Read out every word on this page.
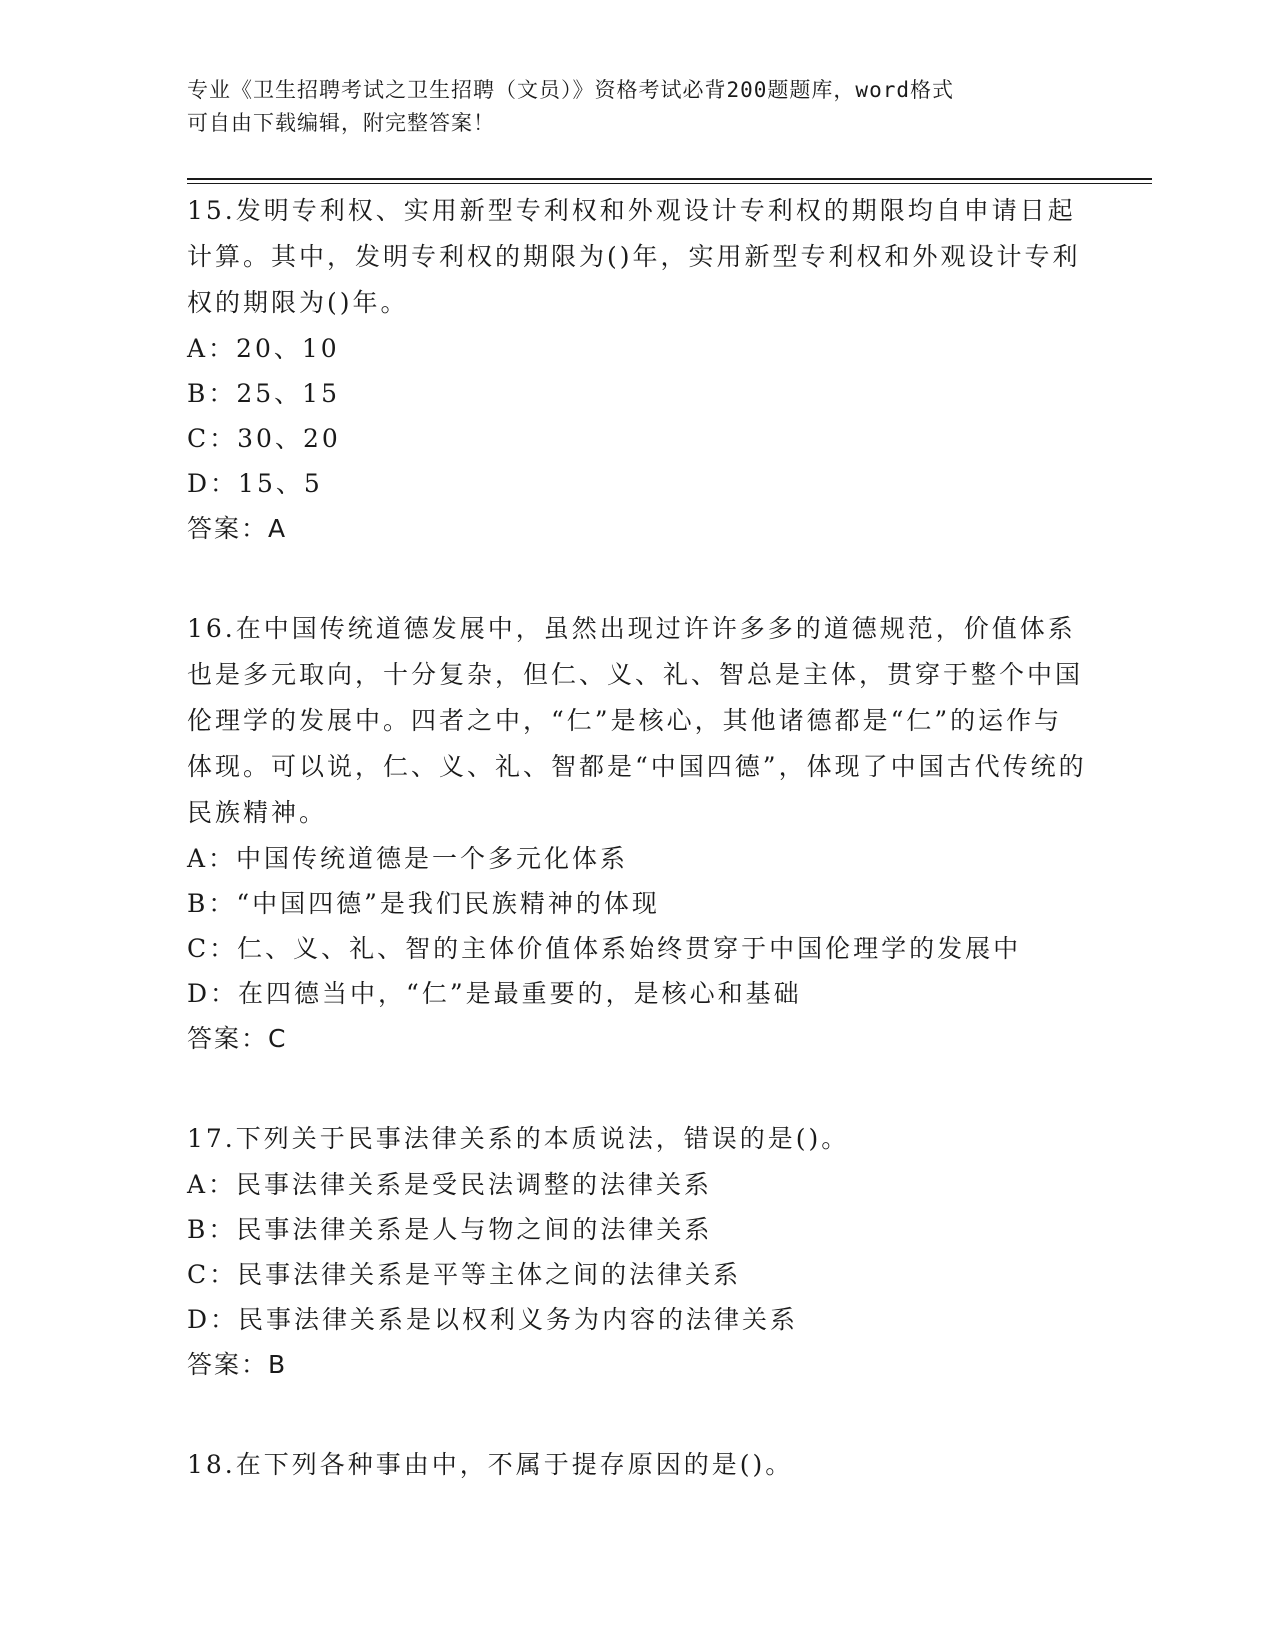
专业《卫生招聘考试之卫生招聘（文员）》资格考试必背200题题库，word格式
可自由下载编辑，附完整答案！

15.发明专利权、实用新型专利权和外观设计专利权的期限均自申请日起计算。其中，发明专利权的期限为()年，实用新型专利权和外观设计专利权的期限为()年。

A：20、10

B：25、15

C：30、20

D：15、5

答案：A

16.在中国传统道德发展中，虽然出现过许许多多的道德规范，价值体系也是多元取向，十分复杂，但仁、义、礼、智总是主体，贯穿于整个中国伦理学的发展中。四者之中，“仁”是核心，其他诸德都是“仁”的运作与体现。可以说，仁、义、礼、智都是“中国四德”，体现了中国古代传统的民族精神。

A：中国传统道德是一个多元化体系

B：“中国四德”是我们民族精神的体现

C：仁、义、礼、智的主体价值体系始终贯穿于中国伦理学的发展中

D：在四德当中，“仁”是最重要的，是核心和基础

答案：C

17.下列关于民事法律关系的本质说法，错误的是()。

A：民事法律关系是受民法调整的法律关系

B：民事法律关系是人与物之间的法律关系

C：民事法律关系是平等主体之间的法律关系

D：民事法律关系是以权利义务为内容的法律关系

答案：B

18.在下列各种事由中，不属于提存原因的是()。
